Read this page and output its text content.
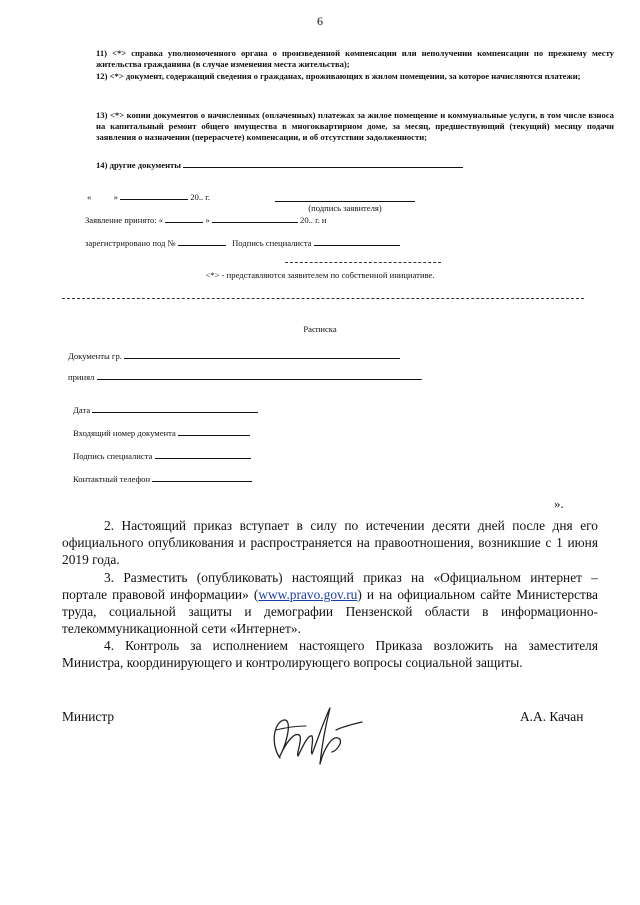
6
11) <*> справка уполномоченного органа о произведенной компенсации или неполучении компенсации по прежнему месту жительства гражданина (в случае изменения места жительства);
12) <*> документ, содержащий сведения о гражданах, проживающих в жилом помещении, за которое начисляются платежи;
13) <*> копии документов о начисленных (оплаченных) платежах за жилое помещение и коммунальные услуги, в том числе взноса на капитальный ремонт общего имущества в многоквартирном доме, за месяц, предшествующий (текущий) месяцу подачи заявления о назначении (перерасчете) компенсации, и об отсутствии задолженности;
14) другие документы
«	»	20.. г.
(подпись заявителя)
Заявление принято: «	»	20.. г. и
зарегистрировано под №	Подпись специалиста
<*> - представляются заявителем по собственной инициативе.
Расписка
Документы гр.
принял	.
Дата
Входящий номер документа
Подпись специалиста
Контактный телефон
».
2. Настоящий приказ вступает в силу по истечении десяти дней после дня его официального опубликования и распространяется на правоотношения, возникшие с 1 июня 2019 года.
3. Разместить (опубликовать) настоящий приказ на «Официальном интернет – портале правовой информации» (www.pravo.gov.ru) и на официальном сайте Министерства труда, социальной защиты и демографии Пензенской области в информационно-телекоммуникационной сети «Интернет».
4. Контроль за исполнением настоящего Приказа возложить на заместителя Министра, координирующего и контролирующего вопросы социальной защиты.
Министр	А.А. Качан
